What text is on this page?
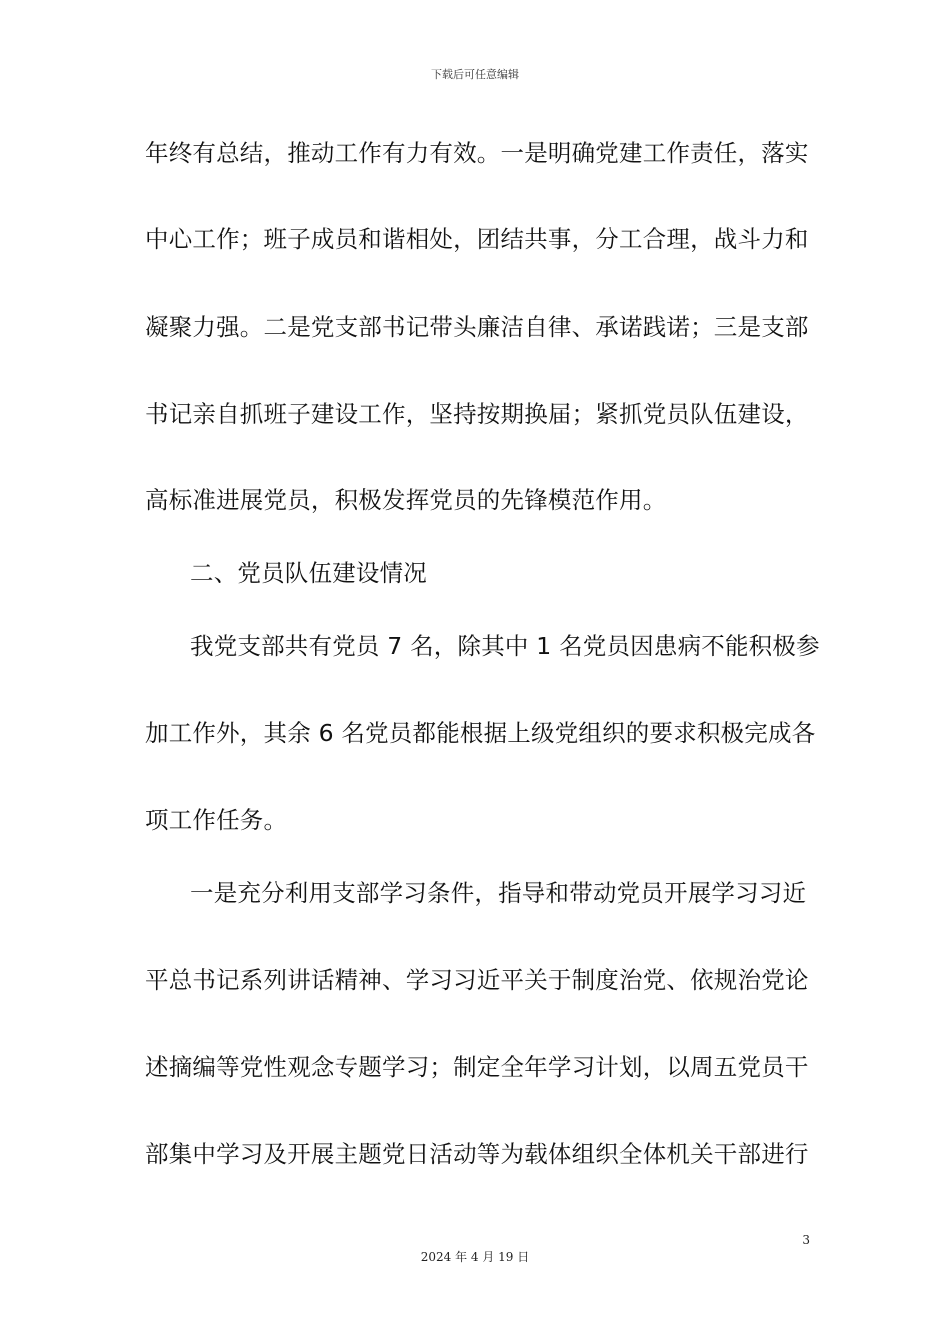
下载后可任意编辑
年终有总结，推动工作有力有效。一是明确党建工作责任，落实
中心工作；班子成员和谐相处，团结共事，分工合理，战斗力和
凝聚力强。二是党支部书记带头廉洁自律、承诺践诺；三是支部
书记亲自抓班子建设工作，坚持按期换届；紧抓党员队伍建设，
高标准进展党员，积极发挥党员的先锋模范作用。
二、党员队伍建设情况
我党支部共有党员 7 名，除其中 1 名党员因患病不能积极参
加工作外，其余 6 名党员都能根据上级党组织的要求积极完成各
项工作任务。
一是充分利用支部学习条件，指导和带动党员开展学习习近
平总书记系列讲话精神、学习习近平关于制度治党、依规治党论
述摘编等党性观念专题学习；制定全年学习计划，以周五党员干
部集中学习及开展主题党日活动等为载体组织全体机关干部进行
3
2024 年 4 月 19 日
